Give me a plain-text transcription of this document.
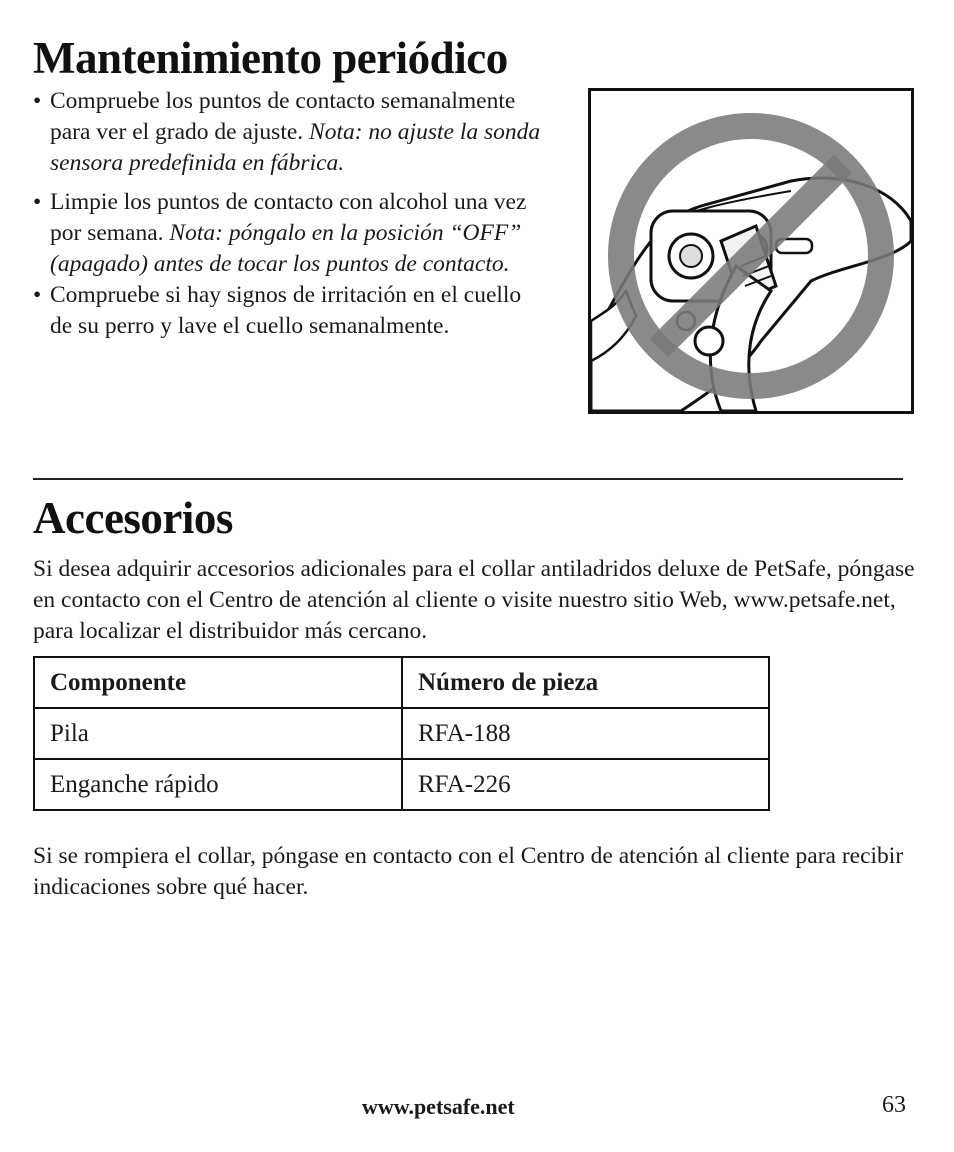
Mantenimiento periódico
• Compruebe los puntos de contacto semanalmente para ver el grado de ajuste. Nota: no ajuste la sonda sensora predefinida en fábrica.
• Limpie los puntos de contacto con alcohol una vez por semana. Nota: póngalo en la posición “OFF” (apagado) antes de tocar los puntos de contacto.
• Compruebe si hay signos de irritación en el cuello de su perro y lave el cuello semanalmente.
Accesorios

Si desea adquirir accesorios adicionales para el collar antiladridos deluxe de PetSafe, póngase en contacto con el Centro de atención al cliente o visite nuestro sitio Web, www.petsafe.net, para localizar el distribuidor más cercano.

Componente	Número de pieza
Pila	RFA-188
Enganche rápido	RFA-226

Si se rompiera el collar, póngase en contacto con el Centro de atención al cliente para recibir indicaciones sobre qué hacer.

www.petsafe.net	63
